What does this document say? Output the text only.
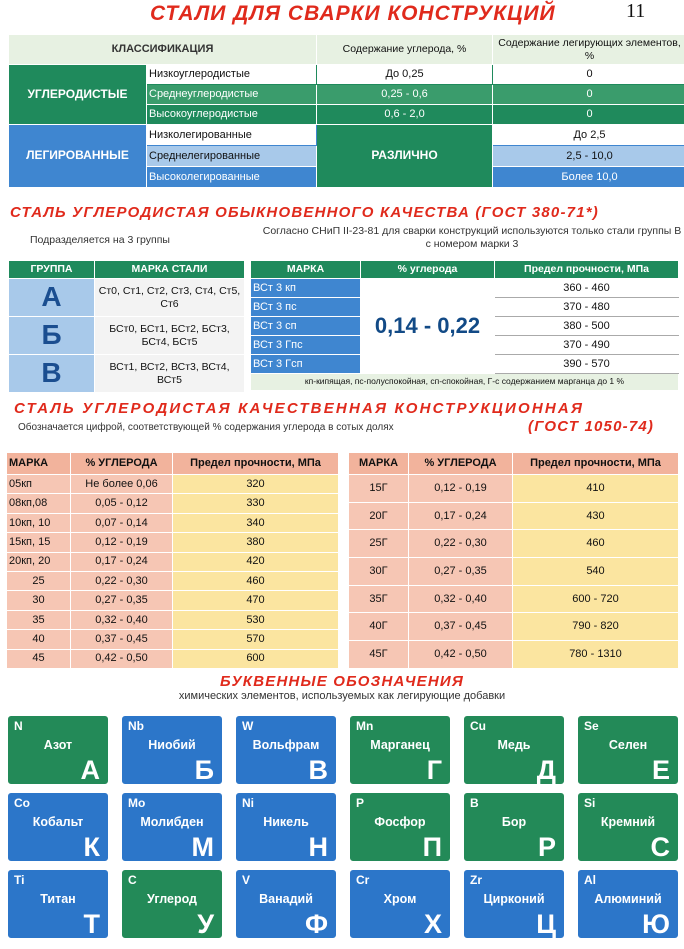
СТАЛИ ДЛЯ СВАРКИ КОНСТРУКЦИЙ	11
КЛАССИФИКАЦИЯ		Содержание углерода, %	Содержание легирующих элементов, %
УГЛЕРОДИСТЫЕ	Низкоуглеродистые	До 0,25	0
	Среднеуглеродистые	0,25 - 0,6	0
	Высокоуглеродистые	0,6 - 2,0	0
ЛЕГИРОВАННЫЕ	Низколегированные	РАЗЛИЧНО	До 2,5
	Среднелегированные		2,5 - 10,0
	Высоколегированные		Более 10,0
СТАЛЬ УГЛЕРОДИСТАЯ ОБЫКНОВЕННОГО КАЧЕСТВА (ГОСТ 380-71*)
Подразделяется на 3 группы
Согласно СНиП II-23-81 для сварки конструкций используются только стали группы В с номером марки 3
ГРУППА	МАРКА СТАЛИ
А	Ст0, Ст1, Ст2, Ст3, Ст4, Ст5, Ст6
Б	БСт0, БСт1, БСт2, БСт3, БСт4, БСт5
В	ВСт1, ВСт2, ВСт3, ВСт4, ВСт5
МАРКА	% углерода	Предел прочности, МПа
ВСт 3 кп	0,14 - 0,22	360 - 460
ВСт 3 пс		370 - 480
ВСт 3 сп		380 - 500
ВСт 3 Гпс		370 - 490
ВСт 3 Гсп		390 - 570
кп-кипящая, пс-полуспокойная, сп-спокойная, Г-с содержанием марганца до 1 %		
СТАЛЬ УГЛЕРОДИСТАЯ КАЧЕСТВЕННАЯ КОНСТРУКЦИОННАЯ
(ГОСТ 1050-74)
Обозначается цифрой, соответствующей % содержания углерода в сотых долях
МАРКА	% УГЛЕРОДА	Предел прочности, МПа
05кп	Не более 0,06	320
08кп,08	0,05 - 0,12	330
10кп, 10	0,07 - 0,14	340
15кп, 15	0,12 - 0,19	380
20кп, 20	0,17 - 0,24	420
25	0,22 - 0,30	460
30	0,27 - 0,35	470
35	0,32 - 0,40	530
40	0,37 - 0,45	570
45	0,42 - 0,50	600
МАРКА	% УГЛЕРОДА	Предел прочности, МПа
15Г	0,12 - 0,19	410
20Г	0,17 - 0,24	430
25Г	0,22 - 0,30	460
30Г	0,27 - 0,35	540
35Г	0,32 - 0,40	600 - 720
40Г	0,37 - 0,45	790 - 820
45Г	0,42 - 0,50	780 - 1310
БУКВЕННЫЕ ОБОЗНАЧЕНИЯ
химических элементов, используемых как легирующие добавки
N
Азот
А
Nb
Ниобий
Б
W
Вольфрам
В
Mn
Марганец
Г
Cu
Медь
Д
Se
Селен
Е
Co
Кобальт
К
Mo
Молибден
М
Ni
Никель
Н
P
Фосфор
П
B
Бор
Р
Si
Кремний
С
Ti
Титан
Т
C
Углерод
У
V
Ванадий
Ф
Cr
Хром
Х
Zr
Цирконий
Ц
Al
Алюминий
Ю
